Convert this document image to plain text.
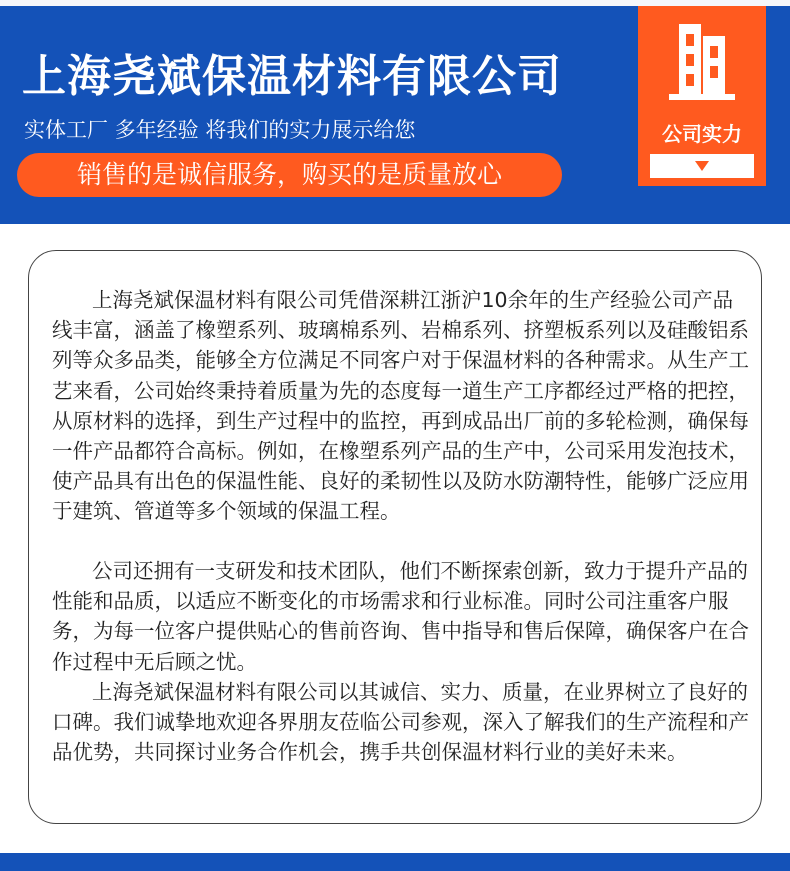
上海尧斌保温材料有限公司
实体工厂 多年经验 将我们的实力展示给您
销售的是诚信服务，购买的是质量放心
公司实力

上海尧斌保温材料有限公司凭借深耕江浙沪10余年的生产经验公司产品线丰富，涵盖了橡塑系列、玻璃棉系列、岩棉系列、挤塑板系列以及硅酸铝系列等众多品类，能够全方位满足不同客户对于保温材料的各种需求。从生产工艺来看，公司始终秉持着质量为先的态度每一道生产工序都经过严格的把控，从原材料的选择，到生产过程中的监控，再到成品出厂前的多轮检测，确保每一件产品都符合高标。例如，在橡塑系列产品的生产中，公司采用发泡技术，使产品具有出色的保温性能、良好的柔韧性以及防水防潮特性，能够广泛应用于建筑、管道等多个领域的保温工程。

公司还拥有一支研发和技术团队，他们不断探索创新，致力于提升产品的性能和品质，以适应不断变化的市场需求和行业标准。同时公司注重客户服务，为每一位客户提供贴心的售前咨询、售中指导和售后保障，确保客户在合作过程中无后顾之忧。

上海尧斌保温材料有限公司以其诚信、实力、质量，在业界树立了良好的口碑。我们诚挚地欢迎各界朋友莅临公司参观，深入了解我们的生产流程和产品优势，共同探讨业务合作机会，携手共创保温材料行业的美好未来。
